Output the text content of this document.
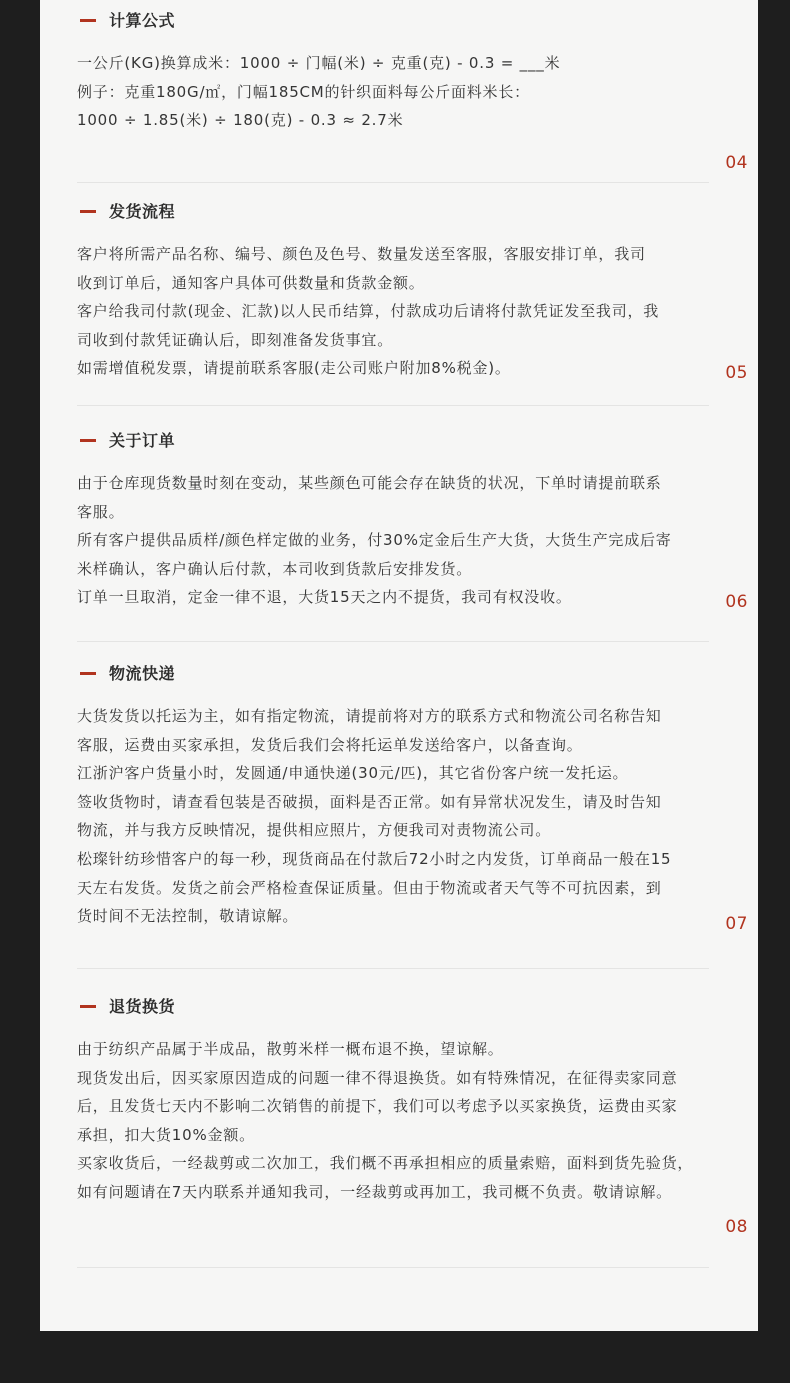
计算公式
一公斤(KG)换算成米：1000 ÷ 门幅(米) ÷ 克重(克) - 0.3 = ___米
例子：克重180G/㎡，门幅185CM的针织面料每公斤面料米长：
1000 ÷ 1.85(米) ÷ 180(克) - 0.3 ≈ 2.7米
04
发货流程
客户将所需产品名称、编号、颜色及色号、数量发送至客服，客服安排订单，我司
收到订单后，通知客户具体可供数量和货款金额。
客户给我司付款(现金、汇款)以人民币结算，付款成功后请将付款凭证发至我司，我
司收到付款凭证确认后，即刻准备发货事宜。
如需增值税发票，请提前联系客服(走公司账户附加8%税金)。	05
关于订单
由于仓库现货数量时刻在变动，某些颜色可能会存在缺货的状况，下单时请提前联系
客服。
所有客户提供品质样/颜色样定做的业务，付30%定金后生产大货，大货生产完成后寄
米样确认，客户确认后付款，本司收到货款后安排发货。
订单一旦取消，定金一律不退，大货15天之内不提货，我司有权没收。	06
物流快递
大货发货以托运为主，如有指定物流，请提前将对方的联系方式和物流公司名称告知
客服，运费由买家承担，发货后我们会将托运单发送给客户，以备查询。
江浙沪客户货量小时，发圆通/申通快递(30元/匹)，其它省份客户统一发托运。
签收货物时，请查看包装是否破损，面料是否正常。如有异常状况发生，请及时告知
物流，并与我方反映情况，提供相应照片，方便我司对责物流公司。
松璨针纺珍惜客户的每一秒，现货商品在付款后72小时之内发货，订单商品一般在15
天左右发货。发货之前会严格检查保证质量。但由于物流或者天气等不可抗因素，到
货时间不无法控制，敬请谅解。	07
退货换货
由于纺织产品属于半成品，散剪米样一概布退不换，望谅解。
现货发出后，因买家原因造成的问题一律不得退换货。如有特殊情况，在征得卖家同意
后，且发货七天内不影响二次销售的前提下，我们可以考虑予以买家换货，运费由买家
承担，扣大货10%金额。
买家收货后，一经裁剪或二次加工，我们概不再承担相应的质量索赔，面料到货先验货，
如有问题请在7天内联系并通知我司，一经裁剪或再加工，我司概不负责。敬请谅解。
08
